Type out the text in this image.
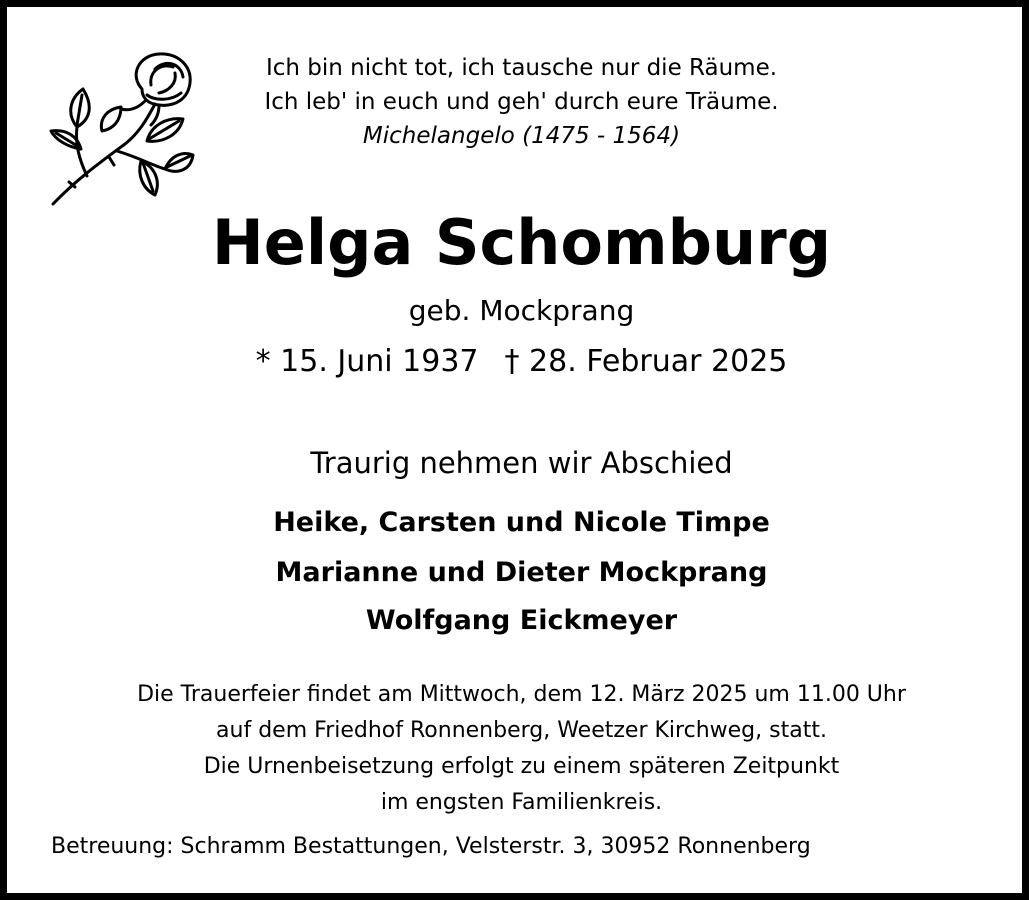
Ich bin nicht tot, ich tausche nur die Räume.
Ich leb' in euch und geh' durch eure Träume.
Michelangelo (1475 - 1564)
Helga Schomburg
geb. Mockprang
* 15. Juni 1937 † 28. Februar 2025
Traurig nehmen wir Abschied
Heike, Carsten und Nicole Timpe
Marianne und Dieter Mockprang
Wolfgang Eickmeyer
Die Trauerfeier findet am Mittwoch, dem 12. März 2025 um 11.00 Uhr
auf dem Friedhof Ronnenberg, Weetzer Kirchweg, statt.
Die Urnenbeisetzung erfolgt zu einem späteren Zeitpunkt
im engsten Familienkreis.
Betreuung: Schramm Bestattungen, Velsterstr. 3, 30952 Ronnenberg
